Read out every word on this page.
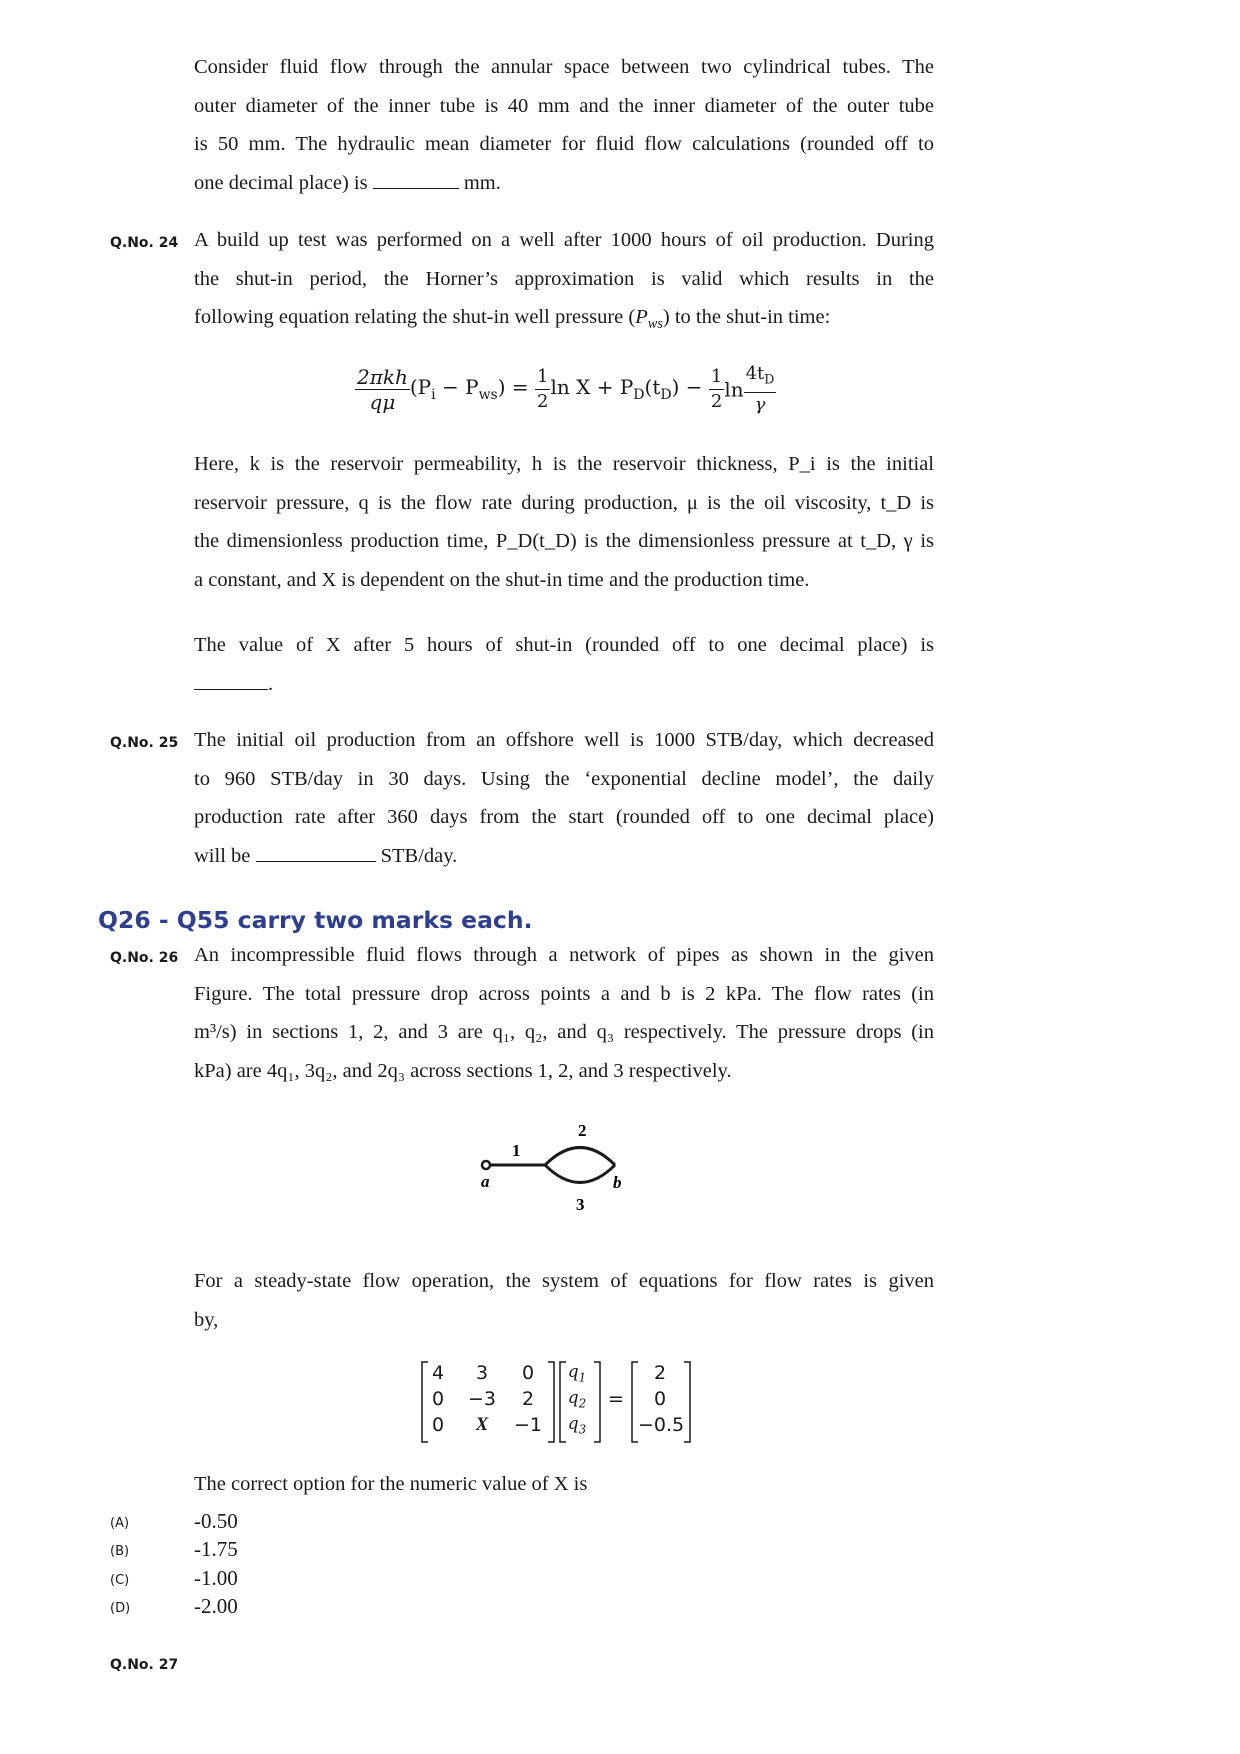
Consider fluid flow through the annular space between two cylindrical tubes. The
outer diameter of the inner tube is 40 mm and the inner diameter of the outer tube
is 50 mm. The hydraulic mean diameter for fluid flow calculations (rounded off to
one decimal place) is	mm.
Q.No. 24 A build up test was performed on a well after 1000 hours of oil production. During
the shut-in period, the Horner’s approximation is valid which results in the
following equation relating the shut-in well pressure $(P_{ws})$ to the shut-in time:
$\frac{\text{2πkh}}{q\mu} (P_i - P_{ws}) = \frac{1}{2}$ $\ln X + P_D(t_D) - \frac{1}{2}$ $\ln \frac{4t_D}{\gamma}$
Here, k is the reservoir permeability, h is the reservoir thickness, P_i is the initial
reservoir pressure, q is the flow rate during production, μ is the oil viscosity, t_D is
the dimensionless production time, P_D(t_D) is the dimensionless pressure at t_D, γ is
a constant, and X is dependent on the shut-in time and the production time.
The value of X after 5 hours of shut-in (rounded off to one decimal place) is
.
Q.No. 25 The initial oil production from an offshore well is 1000 STB/day, which decreased
to 960 STB/day in 30 days. Using the ‘exponential decline model’, the daily
production rate after 360 days from the start (rounded off to one decimal place)
will be	STB/day.
Q26 - Q55 carry two marks each.
Q.No. 26 An incompressible fluid flows through a network of pipes as shown in the given
Figure. The total pressure drop across points a and b is 2 kPa. The flow rates (in
m³/s) in sections 1, 2, and 3 are q₁, q₂, and q₃ respectively. The pressure drops (in
kPa) are 4q₁, 3q₂, and 2q₃ across sections 1, 2, and 3 respectively.
1
2
3
a	b
For a steady-state flow operation, the system of equations for flow rates is given
by,
4	3	0
0	−3	2
0	X	−1
$q_1$
$q_2$
$q_3$
=
2
0
−0.5
The correct option for the numeric value of X is
(A)	-0.50
(B)	-1.75
(C)	-1.00
(D)	-2.00
Q.No. 27
